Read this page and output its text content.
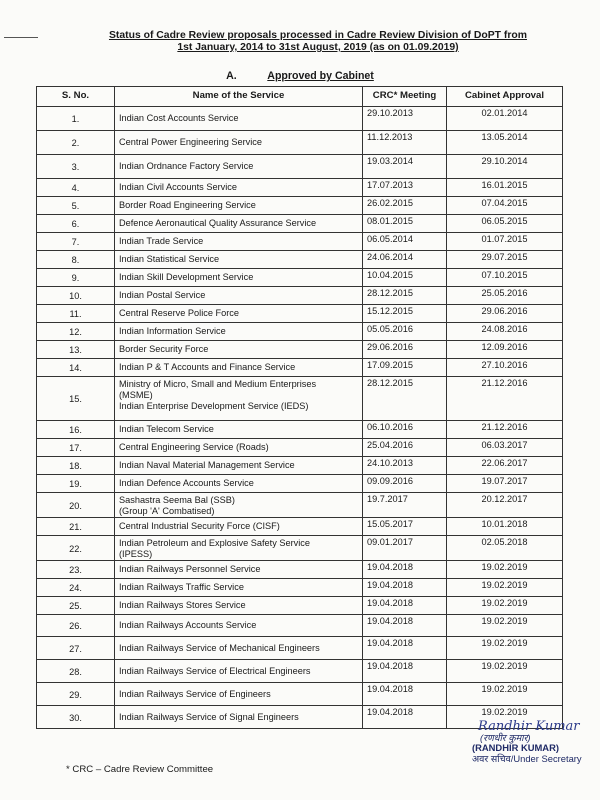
Status of Cadre Review proposals processed in Cadre Review Division of DoPT from
1st January, 2014 to 31st August, 2019 (as on 01.09.2019)
A.	Approved by Cabinet
S. No.	Name of the Service	CRC* Meeting	Cabinet Approval
1.	Indian Cost Accounts Service	29.10.2013	02.01.2014
2.	Central Power Engineering Service	11.12.2013	13.05.2014
3.	Indian Ordnance Factory Service	19.03.2014	29.10.2014
4.	Indian Civil Accounts Service	17.07.2013	16.01.2015
5.	Border Road Engineering Service	26.02.2015	07.04.2015
6.	Defence Aeronautical Quality Assurance Service	08.01.2015	06.05.2015
7.	Indian Trade Service	06.05.2014	01.07.2015
8.	Indian Statistical Service	24.06.2014	29.07.2015
9.	Indian Skill Development Service	10.04.2015	07.10.2015
10.	Indian Postal Service	28.12.2015	25.05.2016
11.	Central Reserve Police Force	15.12.2015	29.06.2016
12.	Indian Information Service	05.05.2016	24.08.2016
13.	Border Security Force	29.06.2016	12.09.2016
14.	Indian P & T Accounts and Finance Service	17.09.2015	27.10.2016
15.	Ministry of Micro, Small and Medium Enterprises
(MSME)
Indian Enterprise Development Service (IEDS)	28.12.2015	21.12.2016
16.	Indian Telecom Service	06.10.2016	21.12.2016
17.	Central Engineering Service (Roads)	25.04.2016	06.03.2017
18.	Indian Naval Material Management Service	24.10.2013	22.06.2017
19.	Indian Defence Accounts Service	09.09.2016	19.07.2017
20.	Sashastra Seema Bal (SSB)
(Group 'A' Combatised)	19.7.2017	20.12.2017
21.	Central Industrial Security Force (CISF)	15.05.2017	10.01.2018
22.	Indian Petroleum and Explosive Safety Service
(IPESS)	09.01.2017	02.05.2018
23.	Indian Railways Personnel Service	19.04.2018	19.02.2019
24.	Indian Railways Traffic Service	19.04.2018	19.02.2019
25.	Indian Railways Stores Service	19.04.2018	19.02.2019
26.	Indian Railways Accounts Service	19.04.2018	19.02.2019
27.	Indian Railways Service of Mechanical Engineers	19.04.2018	19.02.2019
28.	Indian Railways Service of Electrical Engineers	19.04.2018	19.02.2019
29.	Indian Railways Service of Engineers	19.04.2018	19.02.2019
30.	Indian Railways Service of Signal Engineers	19.04.2018	19.02.2019
* CRC – Cadre Review Committee
Randhir Kumar
(रणधीर कुमार)
(RANDHIR KUMAR)
अवर सचिव/Under Secretary
